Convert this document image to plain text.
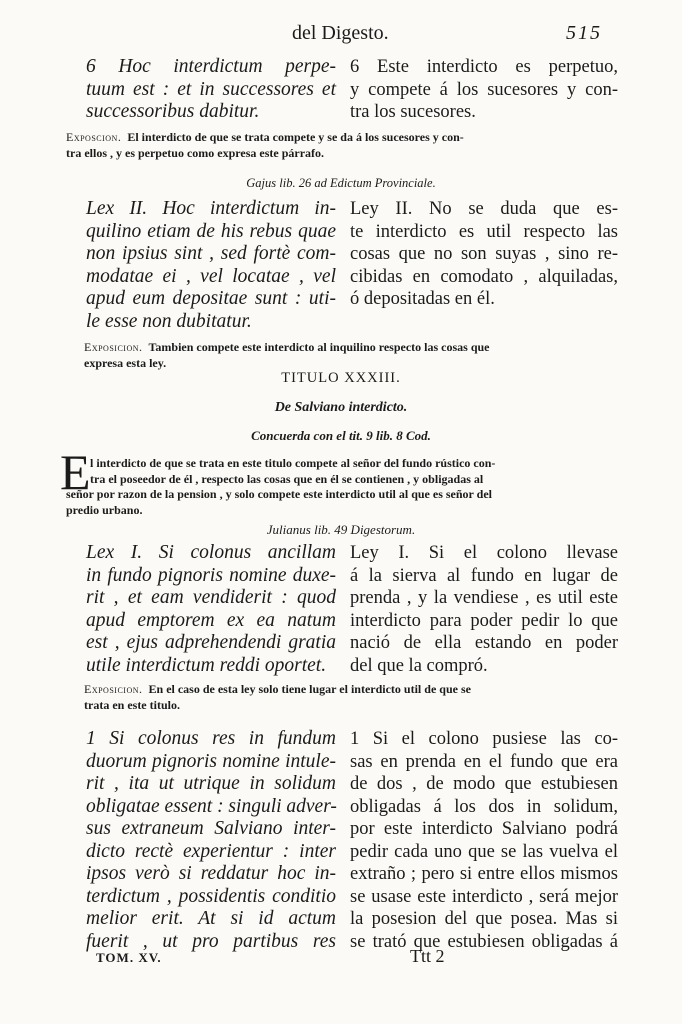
del Digesto.	515
6 Hoc interdictum perpe-
tuum est : et in successores et
successoribus dabitur.
6 Este interdicto es perpetuo,
y compete á los sucesores y con-
tra los sucesores.
Exposcion. El interdicto de que se trata compete y se da á los sucesores y con-
tra ellos , y es perpetuo como expresa este párrafo.
Gajus lib. 26 ad Edictum Provinciale.
Lex II. Hoc interdictum in-
quilino etiam de his rebus quae
non ipsius sint , sed fortè com-
modatae ei , vel locatae , vel
apud eum depositae sunt : uti-
le esse non dubitatur.
Ley II. No se duda que es-
te interdicto es util respecto las
cosas que no son suyas , sino re-
cibidas en comodato , alquiladas,
ó depositadas en él.
Exposicion. Tambien compete este interdicto al inquilino respecto las cosas que
expresa esta ley.
TITULO XXXIII.
De Salviano interdicto.
Concuerda con el tit. 9 lib. 8 Cod.
E l interdicto de que se trata en este titulo compete al señor del fundo rústico con-
tra el poseedor de él , respecto las cosas que en él se contienen , y obligadas al
señor por razon de la pension , y solo compete este interdicto util al que es señor del
predio urbano.
Julianus lib. 49 Digestorum.
Lex I. Si colonus ancillam
in fundo pignoris nomine duxe-
rit , et eam vendiderit : quod
apud emptorem ex ea natum
est , ejus adprehendendi gratia
utile interdictum reddi oportet.
Ley I. Si el colono llevase
á la sierva al fundo en lugar de
prenda , y la vendiese , es util este
interdicto para poder pedir lo que
nació de ella estando en poder
del que la compró.
Exposicion. En el caso de esta ley solo tiene lugar el interdicto util de que se
trata en este titulo.
1 Si colonus res in fundum
duorum pignoris nomine intule-
rit , ita ut utrique in solidum
obligatae essent : singuli adver-
sus extraneum Salviano inter-
dicto rectè experientur : inter
ipsos verò si reddatur hoc in-
terdictum , possidentis conditio
melior erit. At si id actum
fuerit , ut pro partibus res
1 Si el colono pusiese las co-
sas en prenda en el fundo que era
de dos , de modo que estubiesen
obligadas á los dos in solidum,
por este interdicto Salviano podrá
pedir cada uno que se las vuelva el
extraño ; pero si entre ellos mismos
se usase este interdicto , será mejor
la posesion del que posea. Mas si
se trató que estubiesen obligadas á
TOM. XV.	Ttt 2
